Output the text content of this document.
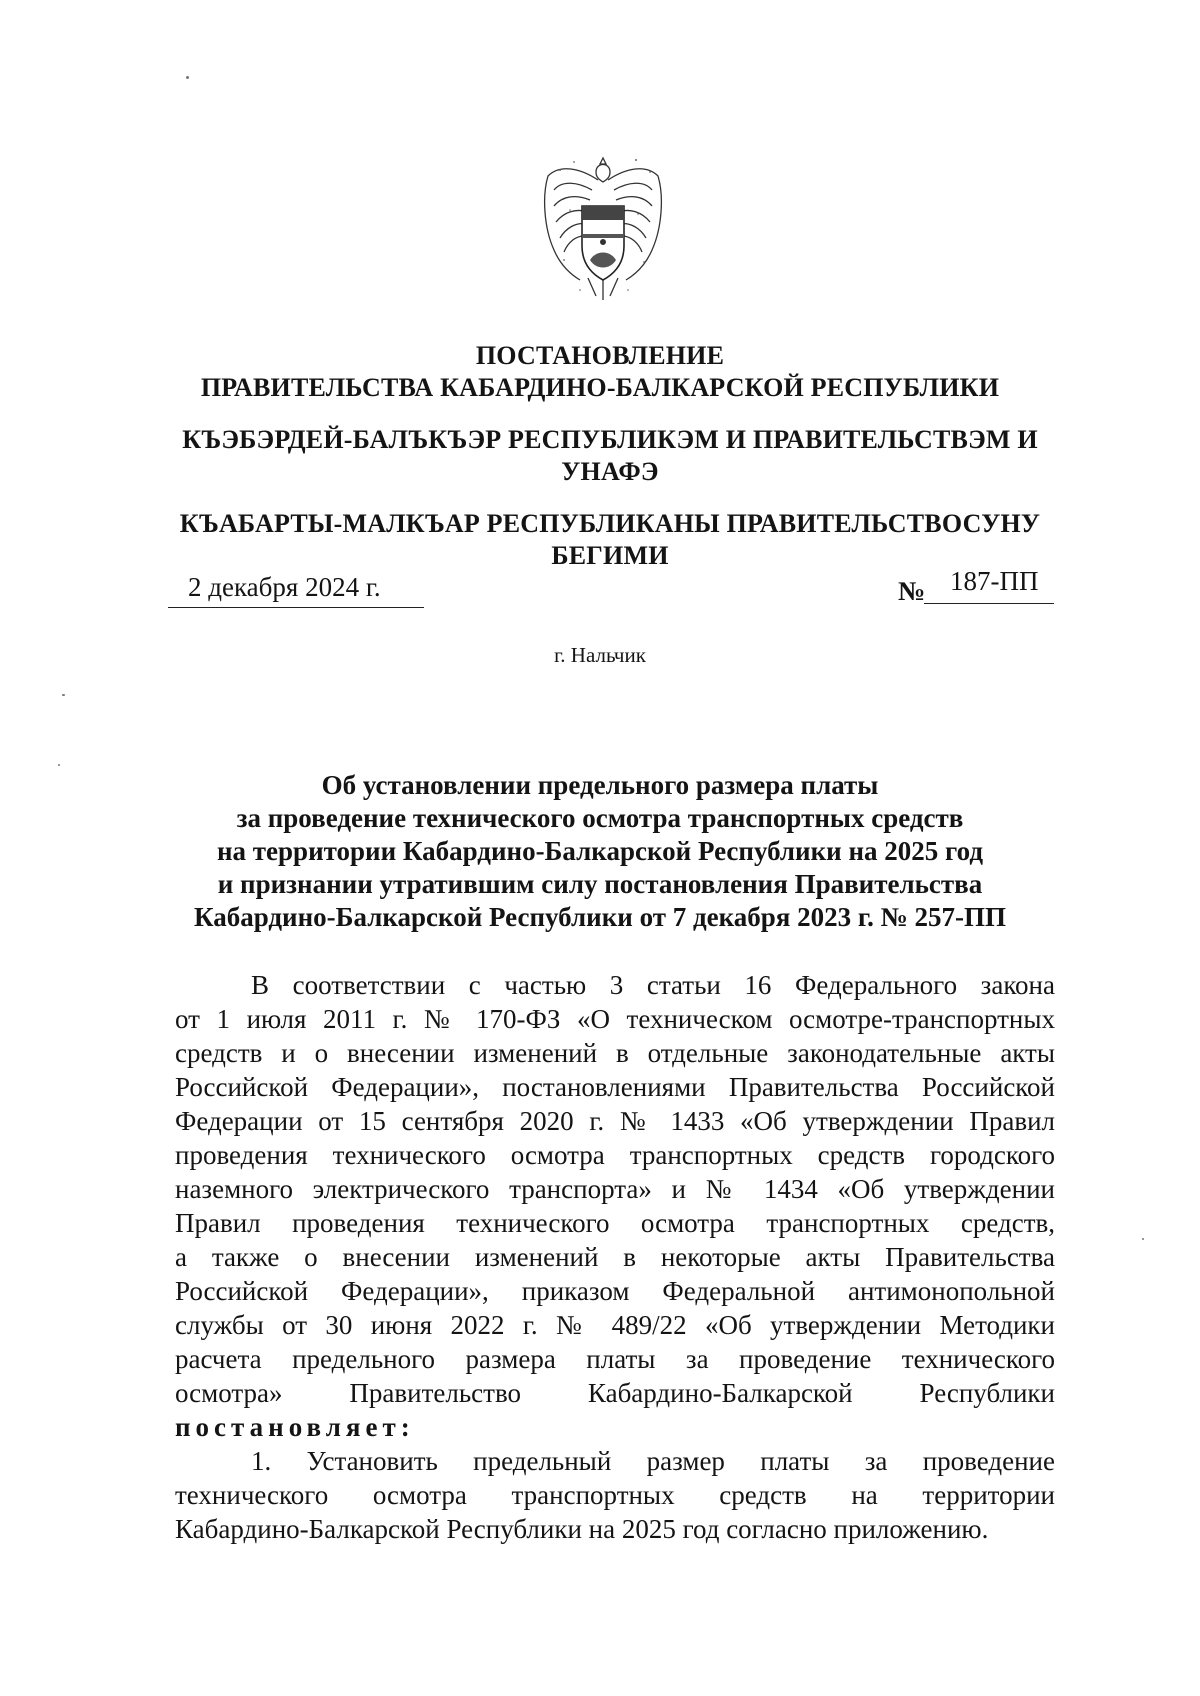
ПОСТАНОВЛЕНИЕ
ПРАВИТЕЛЬСТВА КАБАРДИНО-БАЛКАРСКОЙ РЕСПУБЛИКИ
КЪЭБЭРДЕЙ-БАЛЪКЪЭР РЕСПУБЛИКЭМ И ПРАВИТЕЛЬСТВЭМ И УНАФЭ
КЪАБАРТЫ-МАЛКЪАР РЕСПУБЛИКАНЫ ПРАВИТЕЛЬСТВОСУНУ БЕГИМИ
2 декабря 2024 г.	№ 187-ПП
г. Нальчик
Об установлении предельного размера платы
за проведение технического осмотра транспортных средств
на территории Кабардино-Балкарской Республики на 2025 год
и признании утратившим силу постановления Правительства
Кабардино-Балкарской Республики от 7 декабря 2023 г. № 257-ПП
В соответствии с частью 3 статьи 16 Федерального закона
от 1 июля 2011 г. № 170-ФЗ «О техническом осмотре-транспортных
средств и о внесении изменений в отдельные законодательные акты
Российской Федерации», постановлениями Правительства Российской
Федерации от 15 сентября 2020 г. № 1433 «Об утверждении Правил
проведения технического осмотра транспортных средств городского
наземного электрического транспорта» и № 1434 «Об утверждении
Правил проведения технического осмотра транспортных средств,
а также о внесении изменений в некоторые акты Правительства
Российской Федерации», приказом Федеральной антимонопольной
службы от 30 июня 2022 г. № 489/22 «Об утверждении Методики
расчета предельного размера платы за проведение технического
осмотра» Правительство Кабардино-Балкарской Республики
постановляет:
1. Установить предельный размер платы за проведение
технического осмотра транспортных средств на территории
Кабардино-Балкарской Республики на 2025 год согласно приложению.
